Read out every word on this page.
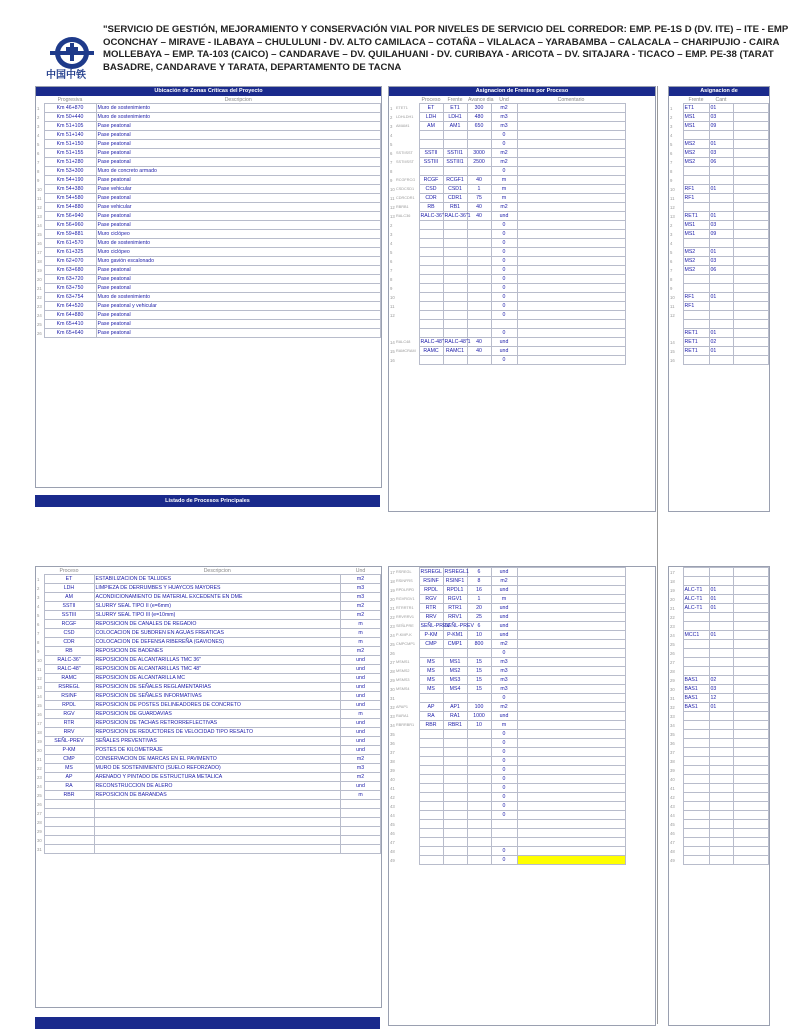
中国中铁
"SERVICIO DE GESTIÓN, MEJORAMIENTO Y CONSERVACIÓN VIAL POR NIVELES DE SERVICIO DEL CORREDOR: EMP. PE-1S D (DV. ITE) – ITE - EMP
OCONCHAY – MIRAVE - ILABAYA – CHULULUNI - DV. ALTO CAMILACA – COTAÑA – VILALACA – YARABAMBA – CALACALA – CHARIPUJIO - CAIRA
MOLLEBAYA – EMP. TA-103 (CAICO) – CANDARAVE – DV. QUILAHUANI - DV. CURIBAYA - ARICOTA – DV. SITAJARA - TICACO – EMP. PE-38 (TARAT
BASADRE, CANDARAVE Y TARATA, DEPARTAMENTO DE TACNA
Ubicación de Zonas Críticas del Proyecto
	Progresiva	Descripcion
1	Km 46+870	Muro de sostenimiento
2	Km 50+440	Muro de sostenimiento
3	Km 51+105	Pase peatonal
4	Km 51+140	Pase peatonal
5	Km 51+150	Pase peatonal
6	Km 51+155	Pase peatonal
7	Km 51+280	Pase peatonal
8	Km 53+300	Muro de concreto armado
9	Km 54+190	Pase peatonal
10	Km 54+380	Pase vehicular
11	Km 54+580	Pase peatonal
12	Km 54+880	Pase vehicular
13	Km 56+940	Pase peatonal
14	Km 56+960	Pase peatonal
15	Km 59+881	Muro ciclópeo
16	Km 61+570	Muro de sostenimiento
17	Km 61+325	Muro ciclópeo
18	Km 62+070	Muro gavión escalonado
19	Km 63+680	Pase peatonal
20	Km 63+720	Pase peatonal
21	Km 63+750	Pase peatonal
22	Km 63+754	Muro de sostenimiento
23	Km 64+520	Pase peatonal y vehicular
24	Km 64+880	Pase peatonal
25	Km 65+410	Pase peatonal
26	Km 65+640	Pase peatonal
Listado de Procesos Principales
Asignacion de Frentes por Proceso
		Proceso	Frente	Avance dia	Und	Comentario	
1	ETET1	ET	ET1	300	m2		
2	LDHLDH1	LDH	LDH1	480	m3		
3	AMAM1	AM	AM1	650	m3		
4					0		
5					0		
6	SSTIISST	SSTII	SSTII1	3000	m2		
7	SSTIIISST	SSTIII	SSTIII1	2500	m2		
8					0		
9	RCGFRCG	RCGF	RCGF1	40	m		
10	CSDCSD1	CSD	CSD1	1	m		
11	CDRCDR1	CDR	CDR1	75	m		
12	RBRB1	RB	RB1	40	m2		
13	RALC36	RALC-36"	RALC-36"1	40	und		
2					0		
3					0		
4					0		
5					0		
6					0		
7					0		
8					0		
9					0		
10					0		
11					0		
12					0		

					0		
14	RALC48	RALC-48"	RALC-48"1	40	und		
15	RAMCRAM	RAMC	RAMC1	40	und		
16					0		
Asignacion de
	Frente	Cant	
1	ET1	01	
2	MS1	03	
3	MS1	09	
4			
5	MS2	01	
6	MS2	03	
7	MS2	06	
8			
9			
10	RF1	01	
11	RF1		
12			
13	RET1	01	
2	MS1	03	
3	MS1	09	
4			
5	MS2	01	
6	MS2	03	
7	MS2	06	
8			
9			
10	RF1	01	
11	RF1		
12			

	RET1	01	
14	RET1	02	
15	RET1	01	
16			
	Proceso	Descripcion	Und
1	ET	ESTABILIZACION DE TALUDES	m2
2	LDH	LIMPIEZA DE DERRUMBES Y HUAYCOS MAYORES	m3
3	AM	ACONDICIONAMIENTO DE MATERIAL EXCEDENTE EN DME	m3
4	SSTII	SLURRY SEAL TIPO II (e=6mm)	m2
5	SSTIII	SLURRY SEAL TIPO III (e=10mm)	m2
6	RCGF	REPOSICION DE CANALES DE REGADIO	m
7	CSD	COLOCACION DE SUBDREN EN AGUAS FREATICAS	m
8	CDR	COLOCACION DE DEFENSA RIBEREÑA (GAVIONES)	m
9	RB	REPOSICION DE BADENES	m2
10	RALC-36"	REPOSICION DE ALCANTARILLAS TMC 36"	und
11	RALC-48"	REPOSICION DE ALCANTARILLAS TMC 48"	und
12	RAMC	REPOSICION DE ALCANTARILLA MC	und
13	RSREGL	REPOSICION DE SEÑALES REGLAMENTARIAS	und
14	RSINF	REPOSICION DE SEÑALES INFORMATIVAS	und
15	RPDL	REPOSICION DE POSTES DELINEADORES DE CONCRETO	und
16	RGV	REPOSICION DE GUARDAVIAS	m
17	RTR	REPOSICION DE TACHAS RETRORREFLECTIVAS	und
18	RRV	REPOSICION DE REDUCTORES DE VELOCIDAD TIPO RESALTO	und
19	SEÑL-PREV	SEÑALES PREVENTIVAS	und
20	P-KM	POSTES DE KILOMETRAJE	und
21	CMP	CONSERVACION DE MARCAS EN EL PAVIMENTO	m2
22	MS	MURO DE SOSTENIMIENTO (SUELO REFORZADO)	m3
23	AP	ARENADO Y PINTADO DE ESTRUCTURA METALICA	m2
24	RA	RECONSTRUCCION DE ALERO	und
25	RBR	REPOSICION DE BARANDAS	m
26			
27			
28			
29			
30			
31			
17	RSREGL	RSREGL	RSREGL1	6	und		
18	RSINFRS	RSINF	RSINF1	8	m2		
19	RPDLRPD	RPDL	RPDL1	16	und		
20	RGVRGV1	RGV	RGV1	1	m		
21	RTRRTR1	RTR	RTR1	20	und		
22	RRVRRV1	RRV	RRV1	25	und		
23	SEÑLPRE	SEÑL-PREV	SEÑL-PREV	6	und		
24	P-KMP-K	P-KM	P-KM1	10	und		
25	CMPCMP1	CMP	CMP1	800	m2		
26					0		
27	MSMS1	MS	MS1	15	m3		
28	MSMS2	MS	MS2	15	m3		
29	MSMS3	MS	MS3	15	m3		
30	MSMS4	MS	MS4	15	m3		
31					0		
32	APAP1	AP	AP1	100	m2		
33	RARA1	RA	RA1	1000	und		
34	RBRRBR1	RBR	RBR1	10	m		
35					0		
36					0		
37					0		
38					0		
39					0		
40					0		
41					0		
42					0		
43					0		
44					0		
45							
46							
47							
48					0		
49					0		
17			
18			
19	ALC-T1	01	
20	ALC-T1	01	
21	ALC-T1	01	
22			
23			
24	MCC1	01	
25			
26			
27			
28			
29	BAS1	02	
30	BAS1	03	
31	BAS1	12	
32	BAS1	01	
33			
34			
35			
36			
37			
38			
39			
40			
41			
42			
43			
44			
45			
46			
47			
48			
49			
